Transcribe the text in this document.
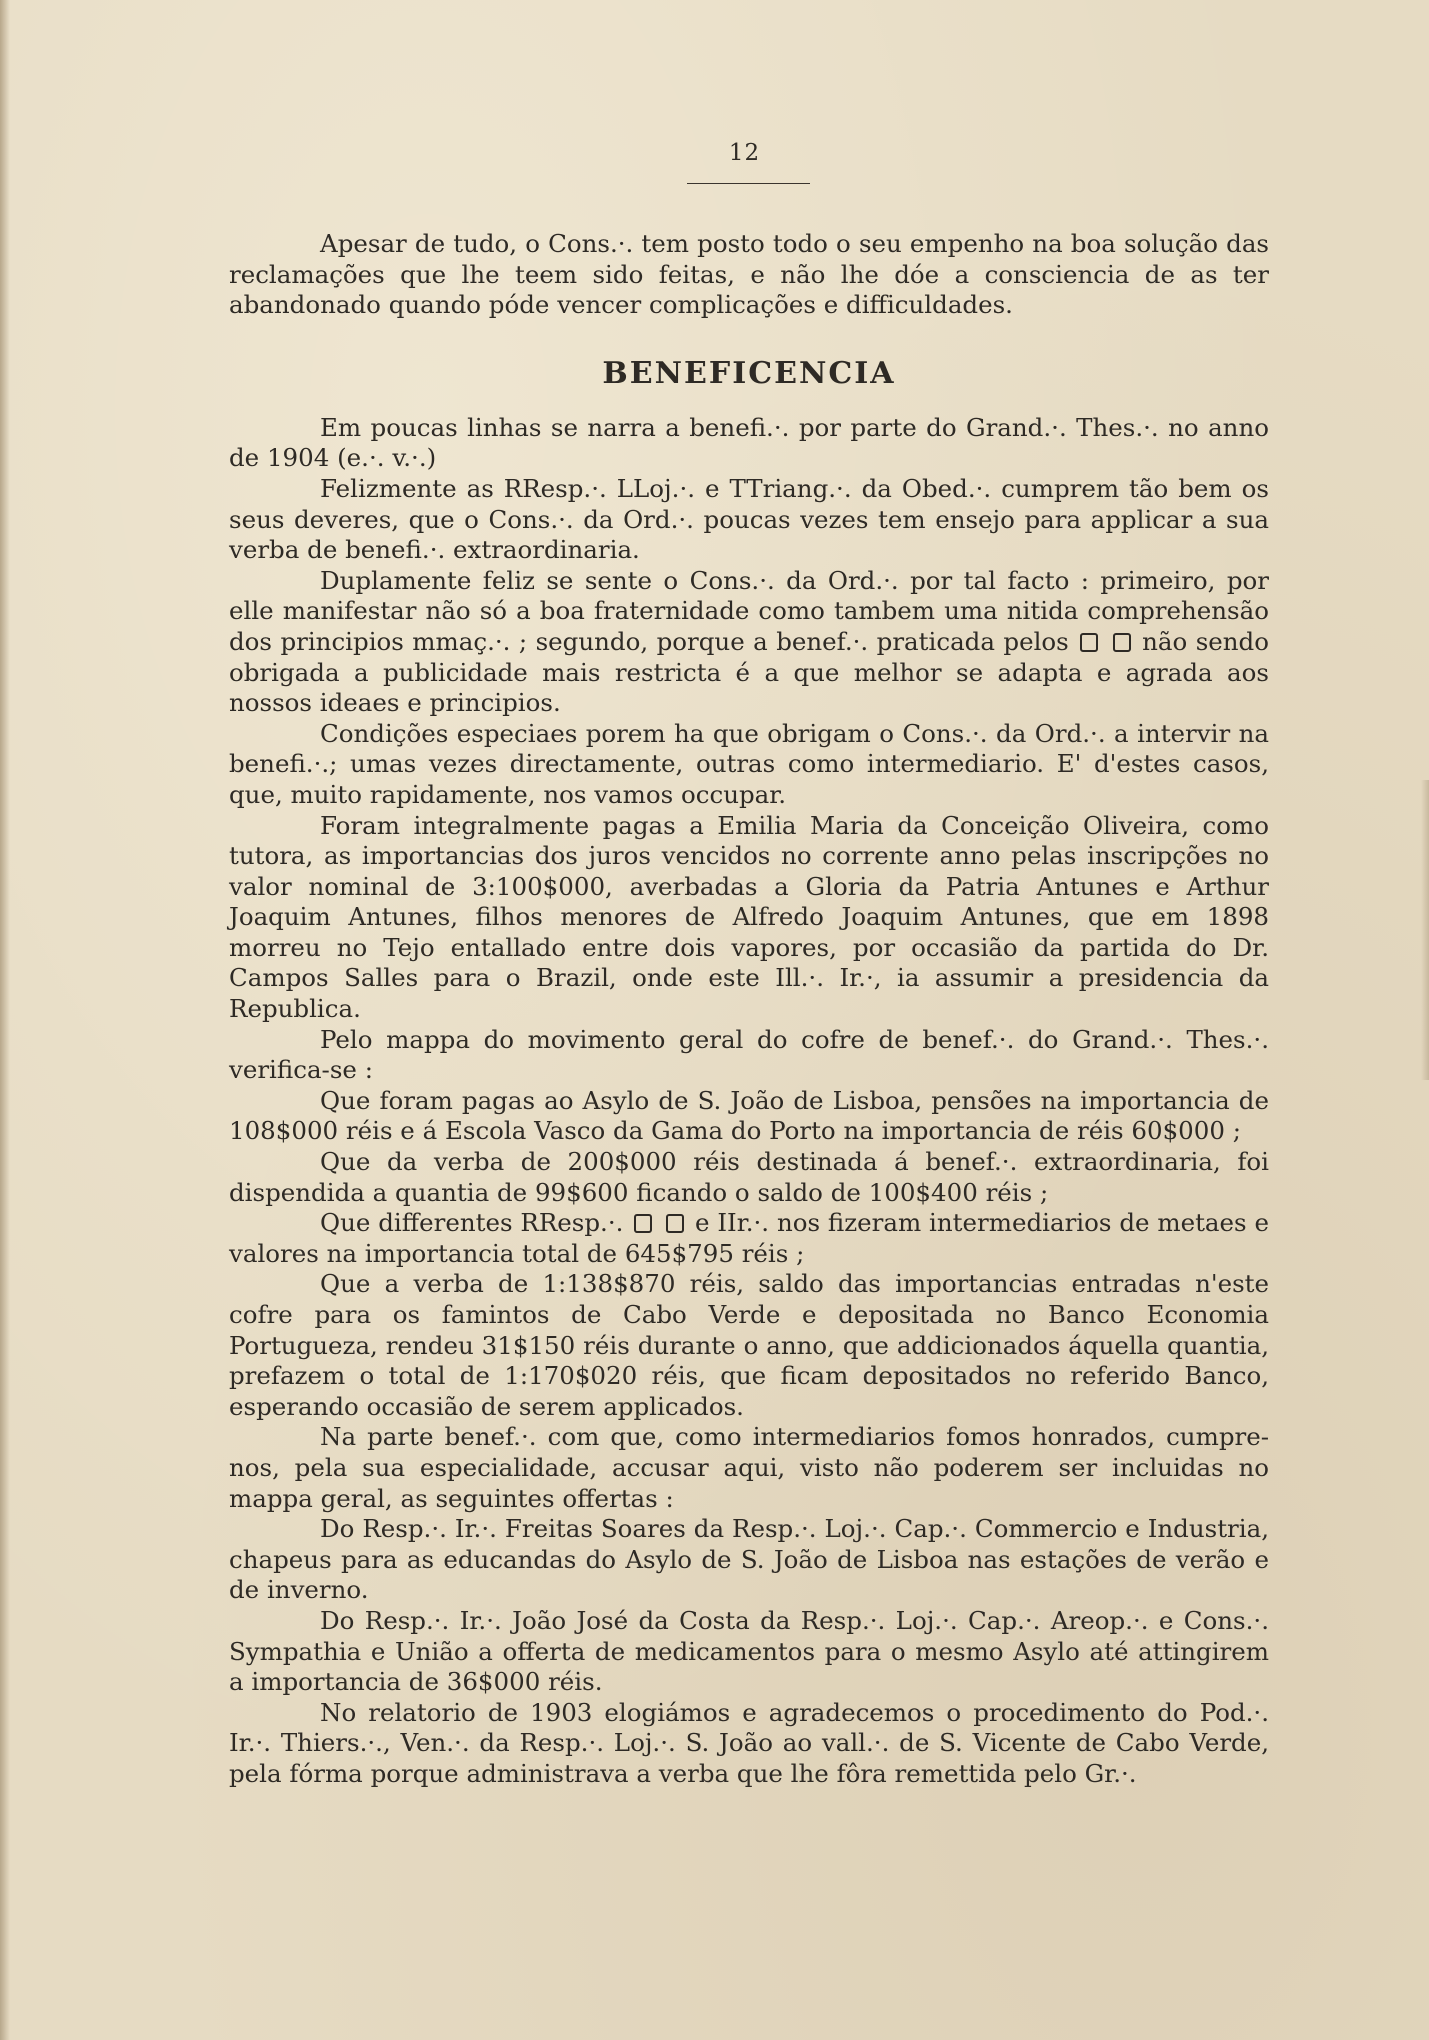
12

Apesar de tudo, o Cons.·. tem posto todo o seu empenho na boa solução das reclamações que lhe teem sido feitas, e não lhe dóe a consciencia de as ter abandonado quando póde vencer complicações e difficuldades.

BENEFICENCIA

Em poucas linhas se narra a benefi.·. por parte do Grand.·. Thes.·. no anno de 1904 (e.·. v.·.)

Felizmente as RResp.·. LLoj.·. e TTriang.·. da Obed.·. cumprem tão bem os seus deveres, que o Cons.·. da Ord.·. poucas vezes tem ensejo para applicar a sua verba de benefi.·. extraordinaria.

Duplamente feliz se sente o Cons.·. da Ord.·. por tal facto : primeiro, por elle manifestar não só a boa fraternidade como tambem uma nitida comprehensão dos principios mmaç.·. ; segundo, porque a benef.·. praticada pelos	não sendo obrigada a publicidade mais restricta é a que melhor se adapta e agrada aos nossos ideaes e principios.

Condições especiaes porem ha que obrigam o Cons.·. da Ord.·. a intervir na benefi.·.; umas vezes directamente, outras como intermediario. E' d'estes casos, que, muito rapidamente, nos vamos occupar.

Foram integralmente pagas a Emilia Maria da Conceição Oliveira, como tutora, as importancias dos juros vencidos no corrente anno pelas inscripções no valor nominal de 3:100$000, averbadas a Gloria da Patria Antunes e Arthur Joaquim Antunes, filhos menores de Alfredo Joaquim Antunes, que em 1898 morreu no Tejo entallado entre dois vapores, por occasião da partida do Dr. Campos Salles para o Brazil, onde este Ill.·. Ir.·, ia assumir a presidencia da Republica.

Pelo mappa do movimento geral do cofre de benef.·. do Grand.·. Thes.·. verifica-se :

Que foram pagas ao Asylo de S. João de Lisboa, pensões na importancia de 108$000 réis e á Escola Vasco da Gama do Porto na importancia de réis 60$000 ;

Que da verba de 200$000 réis destinada á benef.·. extraordinaria, foi dispendida a quantia de 99$600 ficando o saldo de 100$400 réis ;

Que differentes RResp.·.	e IIr.·. nos fizeram intermediarios de metaes e valores na importancia total de 645$795 réis ;

Que a verba de 1:138$870 réis, saldo das importancias entradas n'este cofre para os famintos de Cabo Verde e depositada no Banco Economia Portugueza, rendeu 31$150 réis durante o anno, que addicionados áquella quantia, prefazem o total de 1:170$020 réis, que ficam depositados no referido Banco, esperando occasião de serem applicados.

Na parte benef.·. com que, como intermediarios fomos honrados, cumpre-nos, pela sua especialidade, accusar aqui, visto não poderem ser incluidas no mappa geral, as seguintes offertas :

Do Resp.·. Ir.·. Freitas Soares da Resp.·. Loj.·. Cap.·. Commercio e Industria, chapeus para as educandas do Asylo de S. João de Lisboa nas estações de verão e de inverno.

Do Resp.·. Ir.·. João José da Costa da Resp.·. Loj.·. Cap.·. Areop.·. e Cons.·. Sympathia e União a offerta de medicamentos para o mesmo Asylo até attingirem a importancia de 36$000 réis.

No relatorio de 1903 elogiámos e agradecemos o procedimento do Pod.·. Ir.·. Thiers.·., Ven.·. da Resp.·. Loj.·. S. João ao vall.·. de S. Vicente de Cabo Verde, pela fórma porque administrava a verba que lhe fôra remettida pelo Gr.·.
